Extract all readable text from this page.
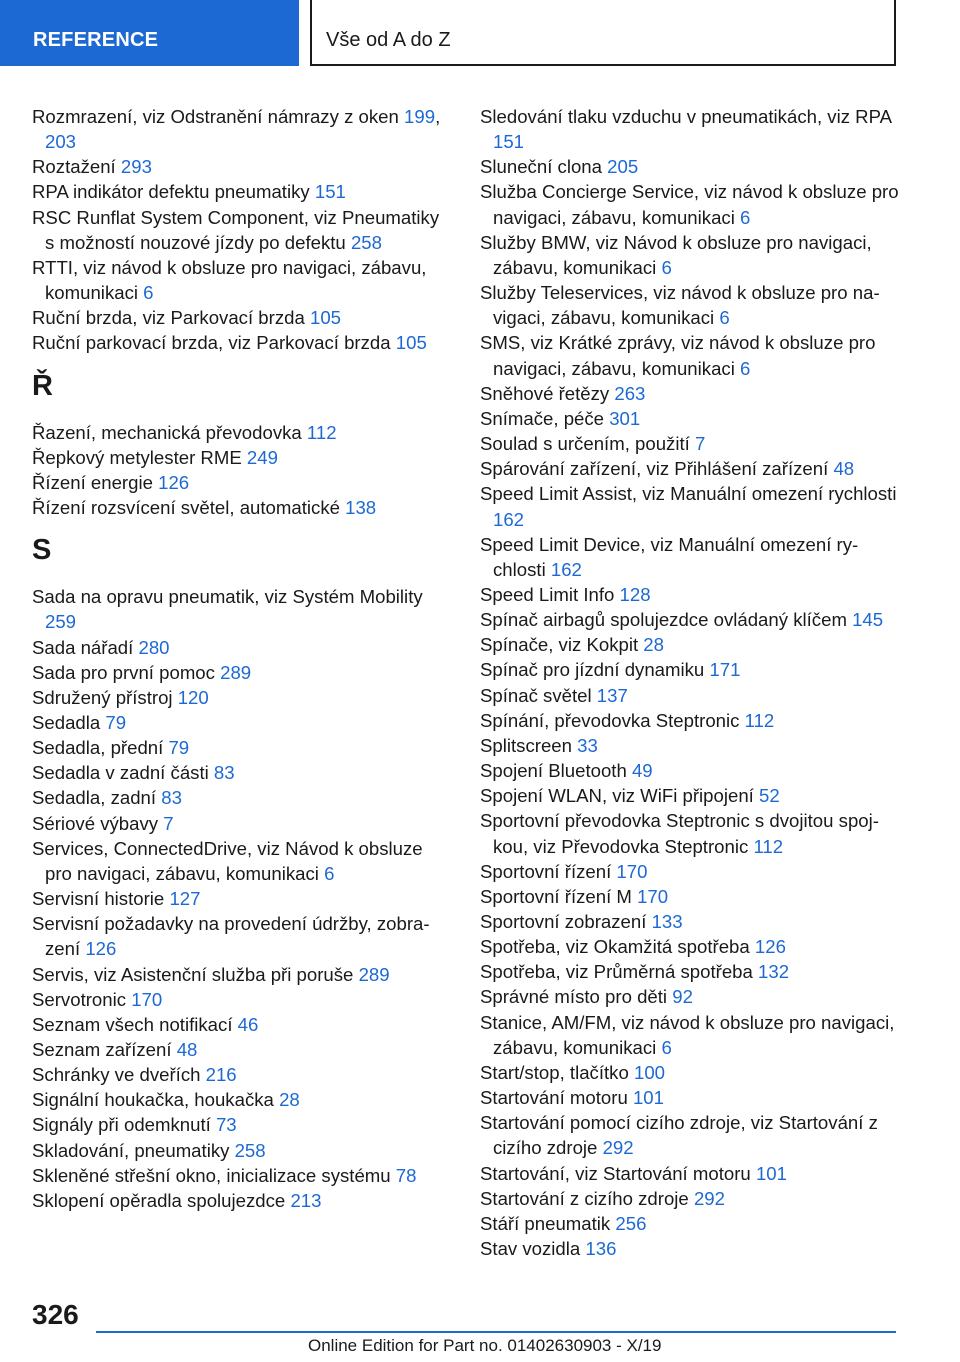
REFERENCE	Vše od A do Z
Rozmrazení, viz Odstranění námrazy z oken 199, 203
Roztažení 293
RPA indikátor defektu pneumatiky 151
RSC Runflat System Component, viz Pneumatiky s možností nouzové jízdy po defektu 258
RTTI, viz návod k obsluze pro navigaci, zábavu, komunikaci 6
Ruční brzda, viz Parkovací brzda 105
Ruční parkovací brzda, viz Parkovací brzda 105
Ř
Řazení, mechanická převodovka 112
Řepkový metylester RME 249
Řízení energie 126
Řízení rozsvícení světel, automatické 138
S
Sada na opravu pneumatik, viz Systém Mobility 259
Sada nářadí 280
Sada pro první pomoc 289
Sdružený přístroj 120
Sedadla 79
Sedadla, přední 79
Sedadla v zadní části 83
Sedadla, zadní 83
Sériové výbavy 7
Services, ConnectedDrive, viz Návod k obsluze pro navigaci, zábavu, komunikaci 6
Servisní historie 127
Servisní požadavky na provedení údržby, zobrazení 126
Servis, viz Asistenční služba při poruše 289
Servotronic 170
Seznam všech notifikací 46
Seznam zařízení 48
Schránky ve dveřích 216
Signální houkačka, houkačka 28
Signály při odemknutí 73
Skladování, pneumatiky 258
Skleněné střešní okno, inicializace systému 78
Sklopení opěradla spolujezdce 213
Sledování tlaku vzduchu v pneumatikách, viz RPA 151
Sluneční clona 205
Služba Concierge Service, viz návod k obsluze pro navigaci, zábavu, komunikaci 6
Služby BMW, viz Návod k obsluze pro navigaci, zábavu, komunikaci 6
Služby Teleservices, viz návod k obsluze pro navigaci, zábavu, komunikaci 6
SMS, viz Krátké zprávy, viz návod k obsluze pro navigaci, zábavu, komunikaci 6
Sněhové řetězy 263
Snímače, péče 301
Soulad s určením, použití 7
Spárování zařízení, viz Přihlášení zařízení 48
Speed Limit Assist, viz Manuální omezení rychlosti 162
Speed Limit Device, viz Manuální omezení rychlosti 162
Speed Limit Info 128
Spínač airbagů spolujezdce ovládaný klíčem 145
Spínače, viz Kokpit 28
Spínač pro jízdní dynamiku 171
Spínač světel 137
Spínání, převodovka Steptronic 112
Splitscreen 33
Spojení Bluetooth 49
Spojení WLAN, viz WiFi připojení 52
Sportovní převodovka Steptronic s dvojitou spojkou, viz Převodovka Steptronic 112
Sportovní řízení 170
Sportovní řízení M 170
Sportovní zobrazení 133
Spotřeba, viz Okamžitá spotřeba 126
Spotřeba, viz Průměrná spotřeba 132
Správné místo pro děti 92
Stanice, AM/FM, viz návod k obsluze pro navigaci, zábavu, komunikaci 6
Start/stop, tlačítko 100
Startování motoru 101
Startování pomocí cizího zdroje, viz Startování z cizího zdroje 292
Startování, viz Startování motoru 101
Startování z cizího zdroje 292
Stáří pneumatik 256
Stav vozidla 136
326
Online Edition for Part no. 01402630903 - X/19
